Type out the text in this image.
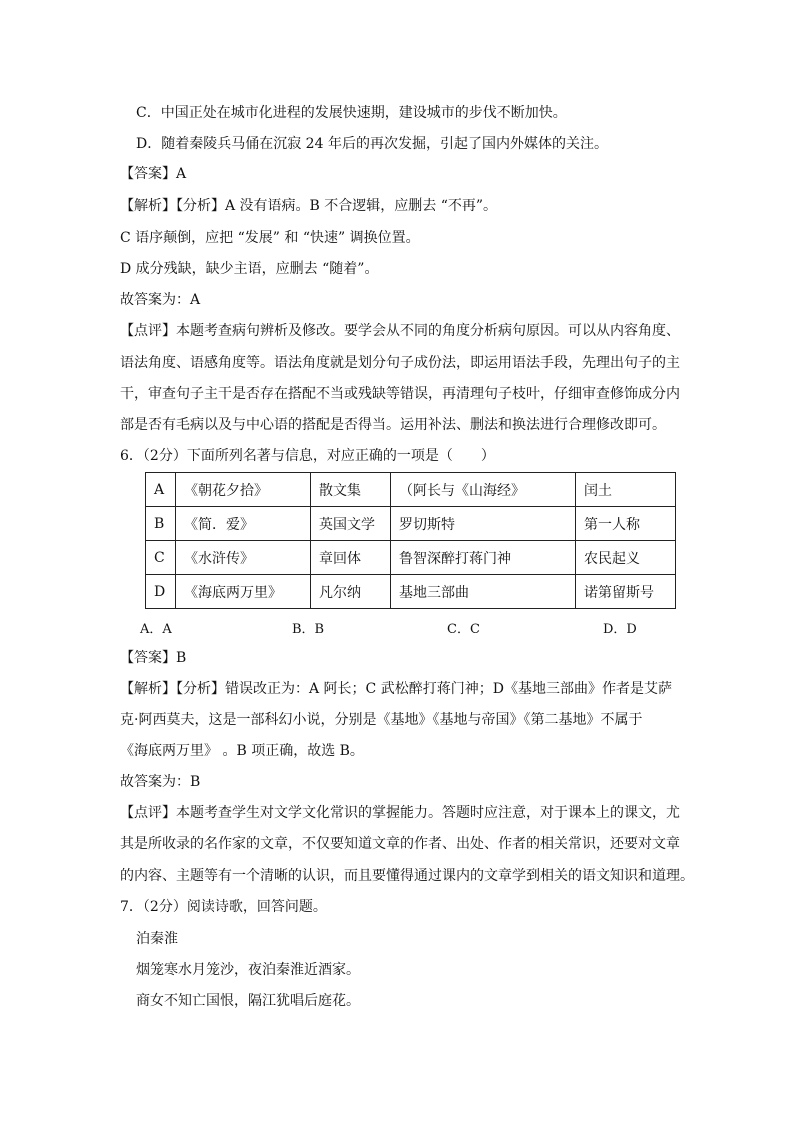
C．中国正处在城市化进程的发展快速期，建设城市的步伐不断加快。
D．随着秦陵兵马俑在沉寂 24 年后的再次发掘，引起了国内外媒体的关注。
【答案】A
【解析】【分析】A 没有语病。B 不合逻辑，应删去 “不再”。
C 语序颠倒，应把 “发展” 和 “快速” 调换位置。
D 成分残缺，缺少主语，应删去 “随着”。
故答案为：A
【点评】本题考查病句辨析及修改。要学会从不同的角度分析病句原因。可以从内容角度、
语法角度、语感角度等。语法角度就是划分句子成份法，即运用语法手段，先理出句子的主
干，审查句子主干是否存在搭配不当或残缺等错误，再清理句子枝叶，仔细审查修饰成分内
部是否有毛病以及与中心语的搭配是否得当。运用补法、删法和换法进行合理修改即可。
6．（2分）下面所列名著与信息，对应正确的一项是（　　）
A	《朝花夕拾》	散文集	（阿长与《山海经》	闰土
B	《简．爱》	英国文学	罗切斯特	第一人称
C	《水浒传》	章回体	鲁智深醉打蒋门神	农民起义
D	《海底两万里》	凡尔纳	基地三部曲	诺第留斯号
A．A	B．B	C．C	D．D
【答案】B
【解析】【分析】错误改正为：A 阿长；C 武松醉打蒋门神；D《基地三部曲》作者是艾萨
克·阿西莫夫，这是一部科幻小说，分别是《基地》《基地与帝国》《第二基地》不属于
《海底两万里》 。B 项正确，故选 B。
故答案为：B
【点评】本题考查学生对文学文化常识的掌握能力。答题时应注意，对于课本上的课文，尤
其是所收录的名作家的文章，不仅要知道文章的作者、出处、作者的相关常识，还要对文章
的内容、主题等有一个清晰的认识，而且要懂得通过课内的文章学到相关的语文知识和道理。
7．（2分）阅读诗歌，回答问题。
泊秦淮
烟笼寒水月笼沙，夜泊秦淮近酒家。
商女不知亡国恨，隔江犹唱后庭花。
